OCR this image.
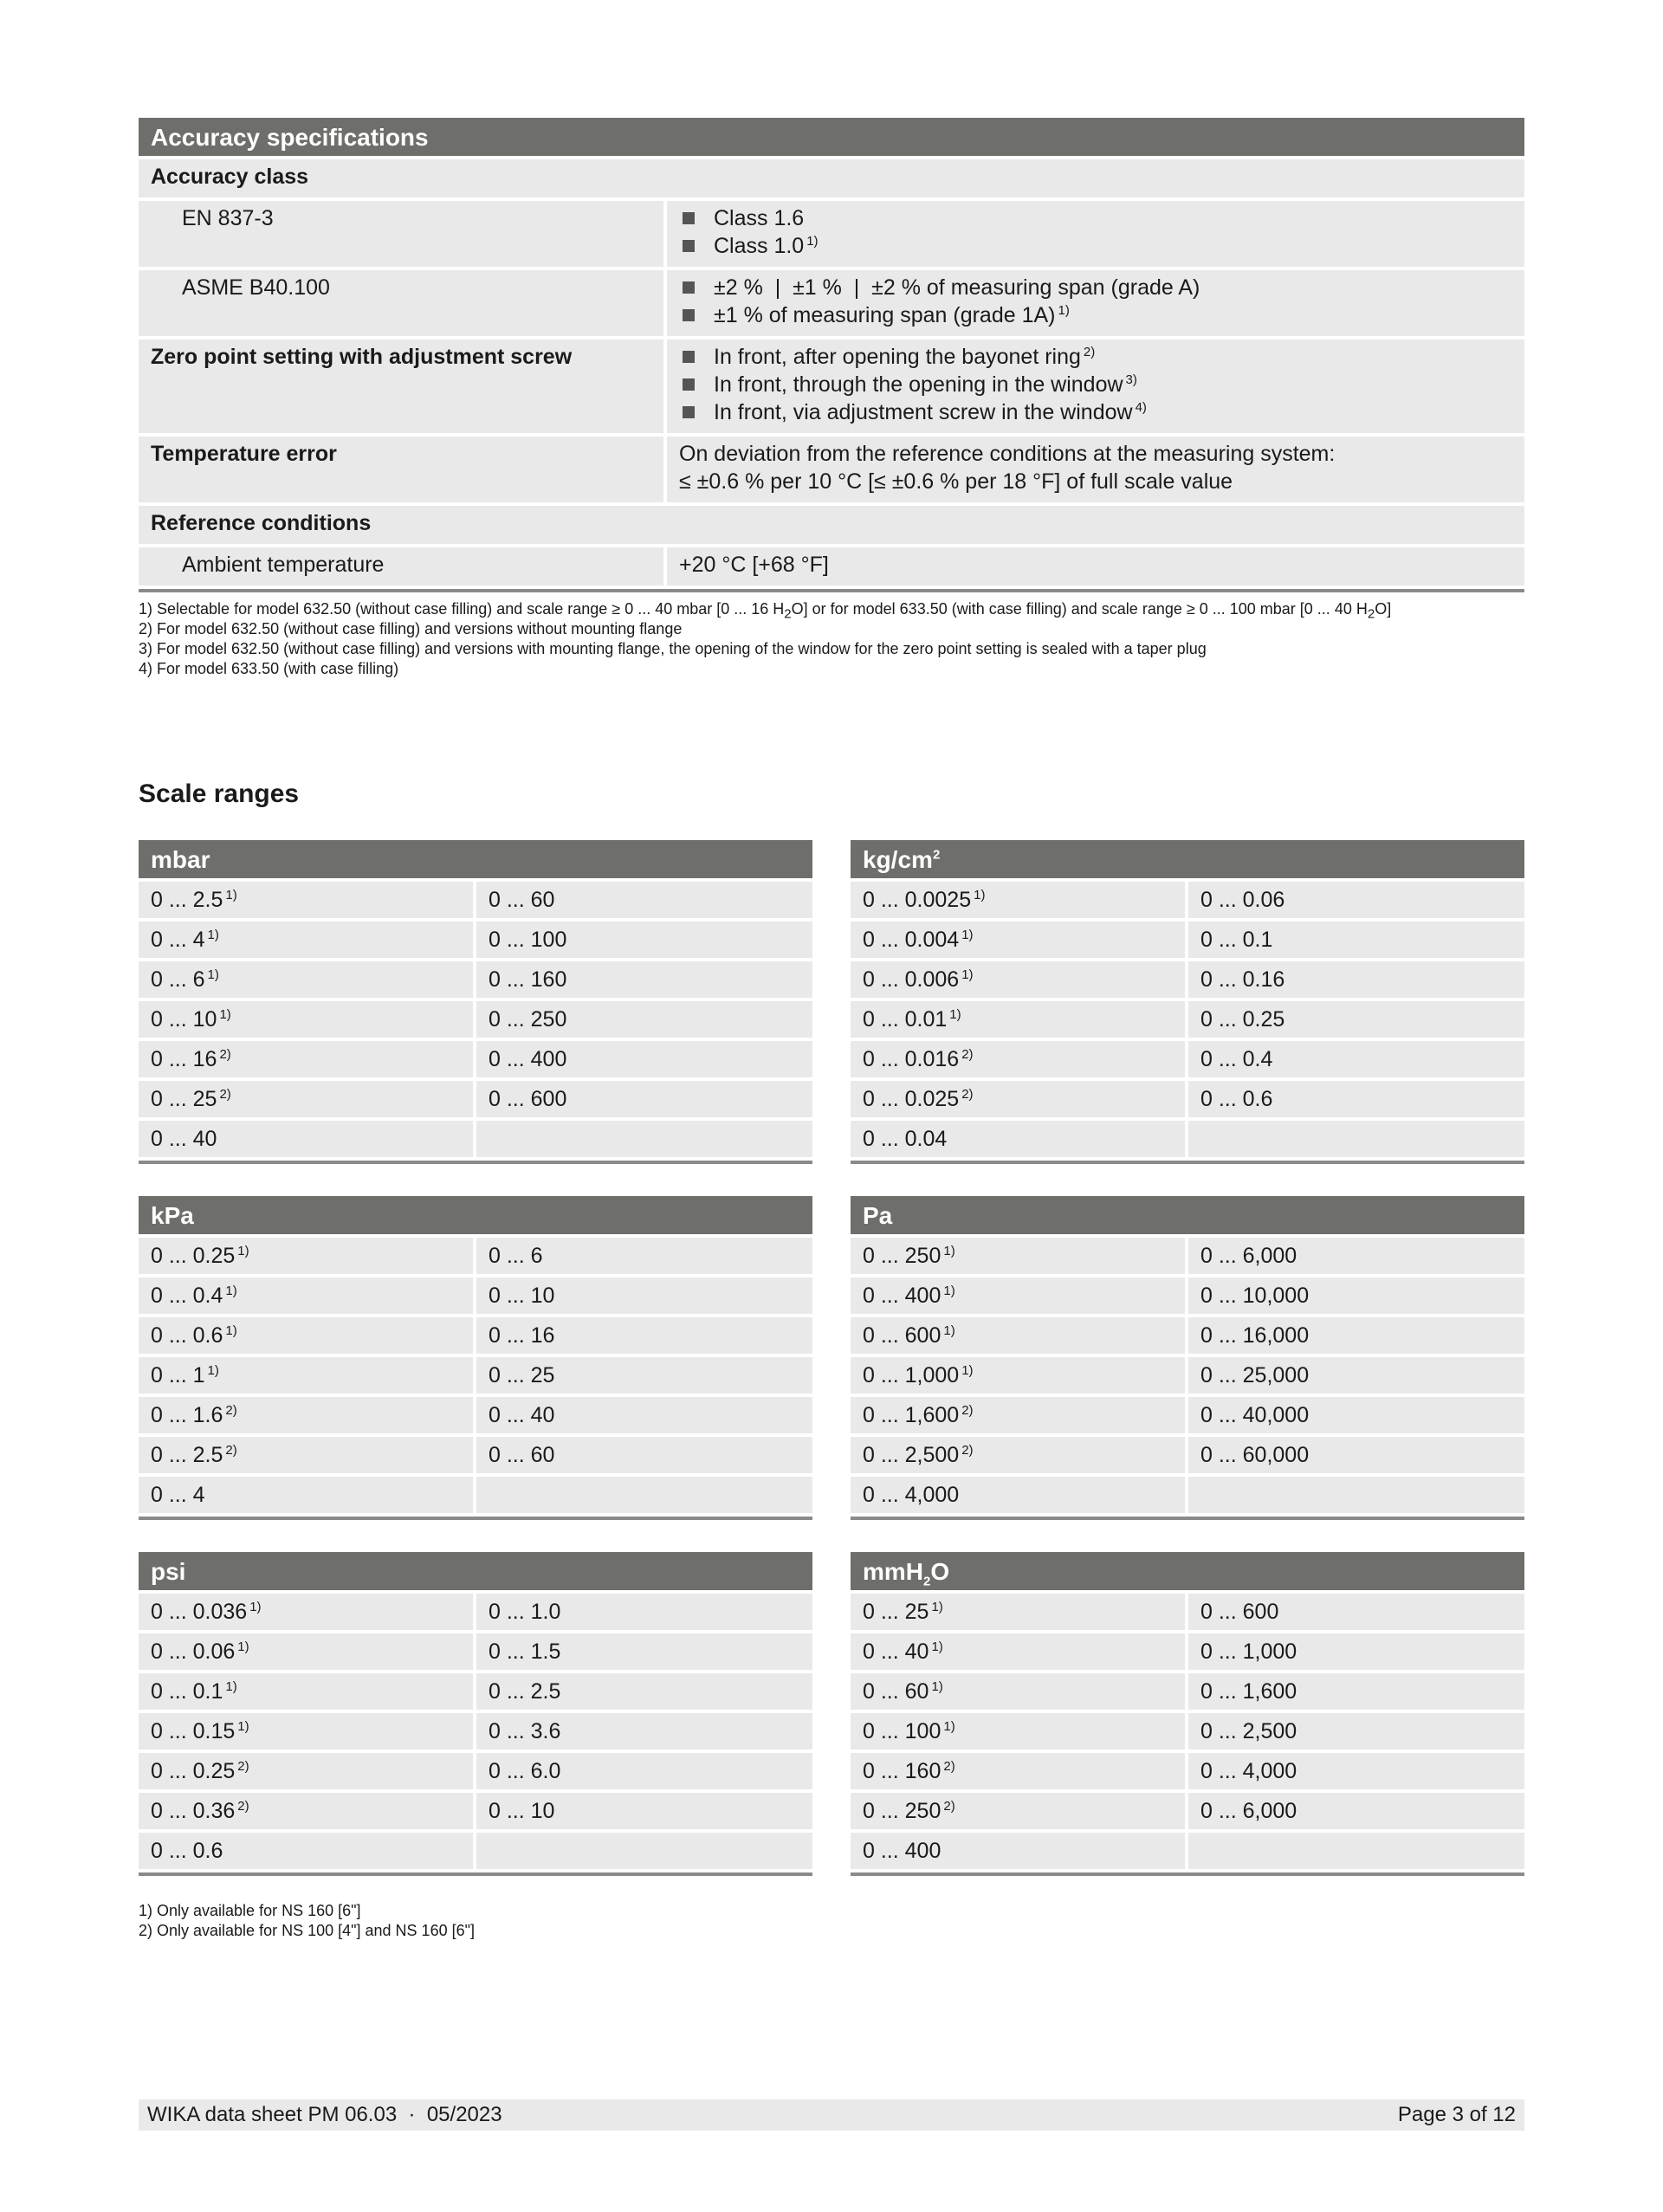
Accuracy specifications
Accuracy class
EN 837-3	Class 1.6
Class 1.0 $^{1)}$
ASME B40.100	±2 %  |  ±1 %  |  ±2 % of measuring span (grade A)
±1 % of measuring span (grade 1A) $^{1)}$
Zero point setting with adjustment screw	In front, after opening the bayonet ring $^{2)}$
In front, through the opening in the window $^{3)}$
In front, via adjustment screw in the window $^{4)}$
Temperature error	On deviation from the reference conditions at the measuring system:
≤ ±0.6 % per 10 °C [≤ ±0.6 % per 18 °F] of full scale value
Reference conditions
Ambient temperature	+20 °C [+68 °F]
1) Selectable for model 632.50 (without case filling) and scale range ≥ 0 ... 40 mbar [0 ... 16 $H_2O$] or for model 633.50 (with case filling) and scale range ≥ 0 ... 100 mbar [0 ... 40 $H_2O$]
2) For model 632.50 (without case filling) and versions without mounting flange
3) For model 632.50 (without case filling) and versions with mounting flange, the opening of the window for the zero point setting is sealed with a taper plug
4) For model 633.50 (with case filling)
Scale ranges
mbar
0 ... 2.5 $^{1)}$	0 ... 60
0 ... 4 $^{1)}$	0 ... 100
0 ... 6 $^{1)}$	0 ... 160
0 ... 10 $^{1)}$	0 ... 250
0 ... 16 $^{2)}$	0 ... 400
0 ... 25 $^{2)}$	0 ... 600
0 ... 40
$kg/cm^2$
0 ... 0.0025 $^{1)}$	0 ... 0.06
0 ... 0.004 $^{1)}$	0 ... 0.1
0 ... 0.006 $^{1)}$	0 ... 0.16
0 ... 0.01 $^{1)}$	0 ... 0.25
0 ... 0.016 $^{2)}$	0 ... 0.4
0 ... 0.025 $^{2)}$	0 ... 0.6
0 ... 0.04
kPa
0 ... 0.25 $^{1)}$	0 ... 6
0 ... 0.4 $^{1)}$	0 ... 10
0 ... 0.6 $^{1)}$	0 ... 16
0 ... 1 $^{1)}$	0 ... 25
0 ... 1.6 $^{2)}$	0 ... 40
0 ... 2.5 $^{2)}$	0 ... 60
0 ... 4
Pa
0 ... 250 $^{1)}$	0 ... 6,000
0 ... 400 $^{1)}$	0 ... 10,000
0 ... 600 $^{1)}$	0 ... 16,000
0 ... 1,000 $^{1)}$	0 ... 25,000
0 ... 1,600 $^{2)}$	0 ... 40,000
0 ... 2,500 $^{2)}$	0 ... 60,000
0 ... 4,000
psi
0 ... 0.036 $^{1)}$	0 ... 1.0
0 ... 0.06 $^{1)}$	0 ... 1.5
0 ... 0.1 $^{1)}$	0 ... 2.5
0 ... 0.15 $^{1)}$	0 ... 3.6
0 ... 0.25 $^{2)}$	0 ... 6.0
0 ... 0.36 $^{2)}$	0 ... 10
0 ... 0.6
mmH$_2$O
0 ... 25 $^{1)}$	0 ... 600
0 ... 40 $^{1)}$	0 ... 1,000
0 ... 60 $^{1)}$	0 ... 1,600
0 ... 100 $^{1)}$	0 ... 2,500
0 ... 160 $^{2)}$	0 ... 4,000
0 ... 250 $^{2)}$	0 ... 6,000
0 ... 400
1) Only available for NS 160 [6"]
2) Only available for NS 100 [4"] and NS 160 [6"]
WIKA data sheet PM 06.03  ·  05/2023	Page 3 of 12
